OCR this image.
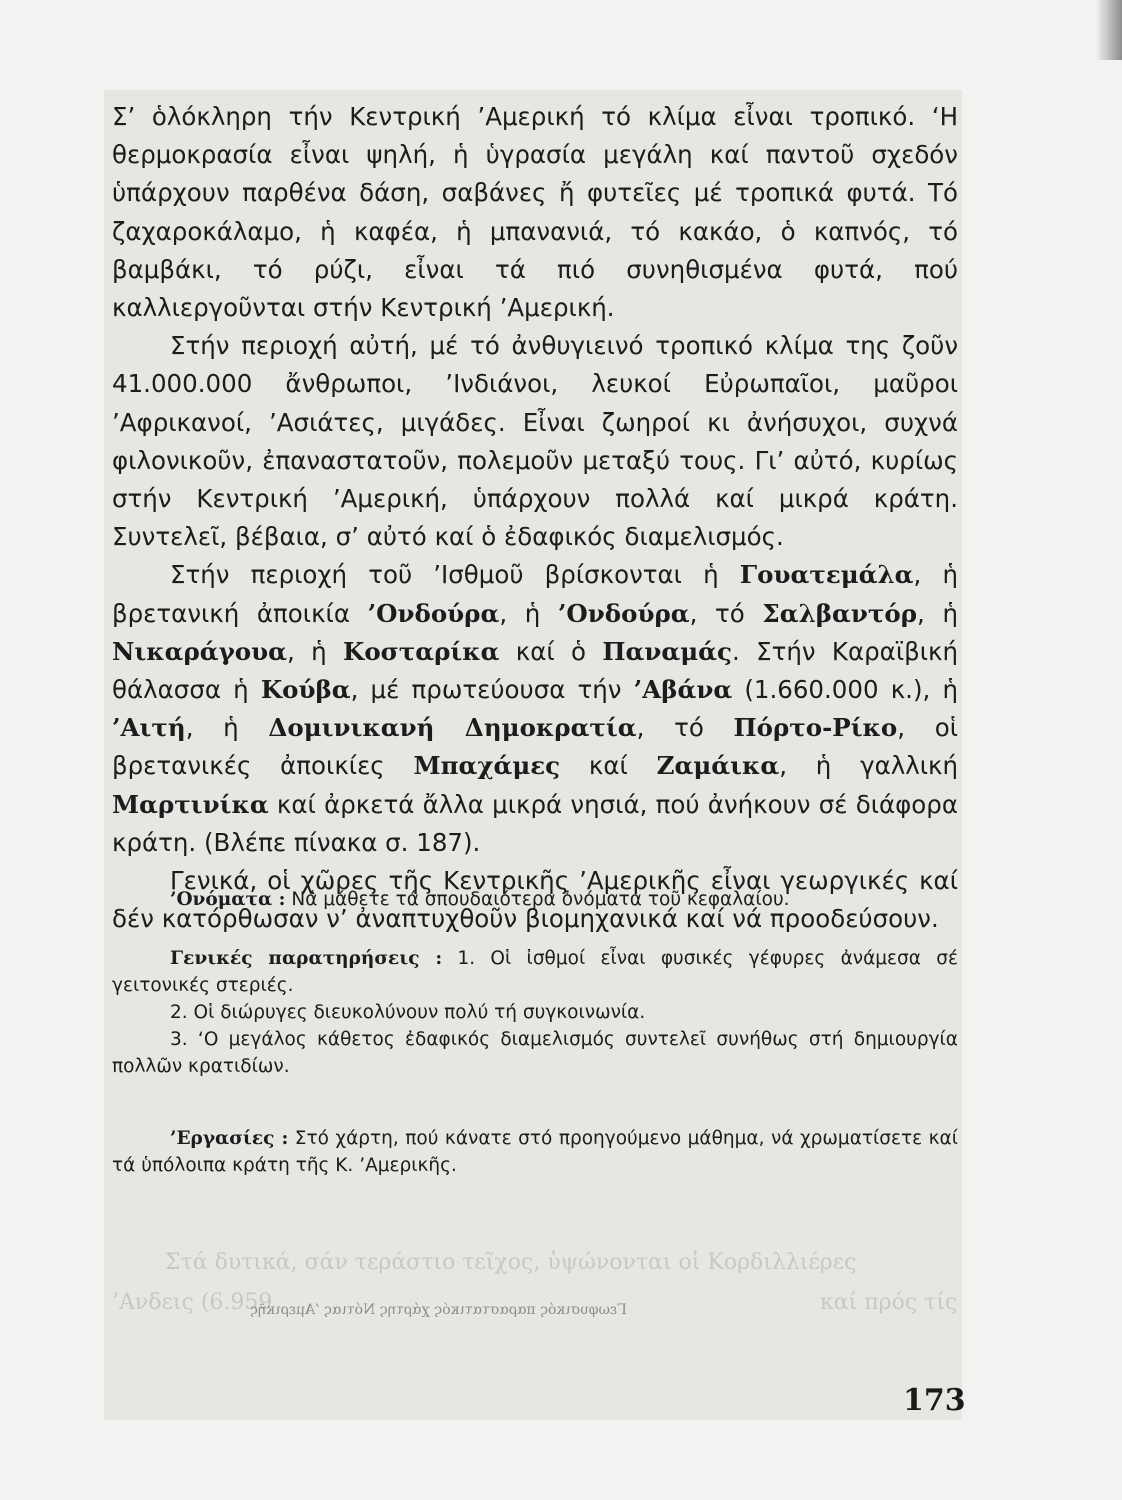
Στά δυτικά, σάν τεράστιο τεῖχος, ὑψώνονται οἱ Κορδιλλιέρες
’Ανδεις (6.959	καί πρός τίς
Γεωφυσικός παραστατικός χάρτης Νότιας ’Αμερικῆς

Σ’ ὁλόκληρη τήν Κεντρική ’Αμερική τό κλίμα εἶναι τροπικό. ‘Η θερμοκρασία εἶναι ψηλή, ἡ ὑγρασία μεγάλη καί παντοῦ σχεδόν ὑπάρχουν παρθένα δάση, σαβάνες ἤ φυτεῖες μέ τροπικά φυτά. Τό ζαχαροκάλαμο, ἡ καφέα, ἡ μπανανιά, τό κακάο, ὁ καπνός, τό βαμβάκι, τό ρύζι, εἶναι τά πιό συνηθισμένα φυτά, πού καλλιεργοῦνται στήν Κεντρική ’Αμερική.

Στήν περιοχή αὐτή, μέ τό ἀνθυγιεινό τροπικό κλίμα της ζοῦν 41.000.000 ἄνθρωποι, ’Ινδιάνοι, λευκοί Εὐρωπαῖοι, μαῦροι ’Αφρικανοί, ’Ασιάτες, μιγάδες. Εἶναι ζωηροί κι ἀνήσυχοι, συχνά φιλονικοῦν, ἐπαναστατοῦν, πολεμοῦν μεταξύ τους. Γι’ αὐτό, κυρίως στήν Κεντρική ’Αμερική, ὑπάρχουν πολλά καί μικρά κράτη. Συντελεῖ, βέβαια, σ’ αὐτό καί ὁ ἐδαφικός διαμελισμός.

Στήν περιοχή τοῦ ’Ισθμοῦ βρίσκονται ἡ Γουατεμάλα, ἡ βρετανική ἀποικία ’Ονδούρα, ἡ ’Ονδούρα, τό Σαλβαντόρ, ἡ Νικαράγουα, ἡ Κοσταρίκα καί ὁ Παναμάς. Στήν Καραϊβική θάλασσα ἡ Κούβα, μέ πρωτεύουσα τήν ’Αβάνα (1.660.000 κ.), ἡ ’Αιτή, ἡ Δομινικανή Δημοκρατία, τό Πόρτο-Ρίκο, οἱ βρετανικές ἀποικίες Μπαχάμες καί Ζαμάικα, ἡ γαλλική Μαρτινίκα καί ἀρκετά ἄλλα μικρά νησιά, πού ἀνήκουν σέ διάφορα κράτη. (Βλέπε πίνακα σ. 187).

Γενικά, οἱ χῶρες τῆς Κεντρικῆς ’Αμερικῆς εἶναι γεωργικές καί δέν κατόρθωσαν ν’ ἀναπτυχθοῦν βιομηχανικά καί νά προοδεύσουν.

’Ονόματα : Νά μάθετε τά σπουδαιότερα ὀνόματα τοῦ κεφαλαίου.

Γενικές παρατηρήσεις : 1. Οἱ ἰσθμοί εἶναι φυσικές γέφυρες ἀνάμεσα σέ γειτονικές στεριές.

2. Οἱ διώρυγες διευκολύνουν πολύ τή συγκοινωνία.

3. ‘Ο μεγάλος κάθετος ἐδαφικός διαμελισμός συντελεῖ συνήθως στή δημιουργία πολλῶν κρατιδίων.

’Εργασίες : Στό χάρτη, πού κάνατε στό προηγούμενο μάθημα, νά χρωματίσετε καί τά ὑπόλοιπα κράτη τῆς Κ. ’Αμερικῆς.

173
